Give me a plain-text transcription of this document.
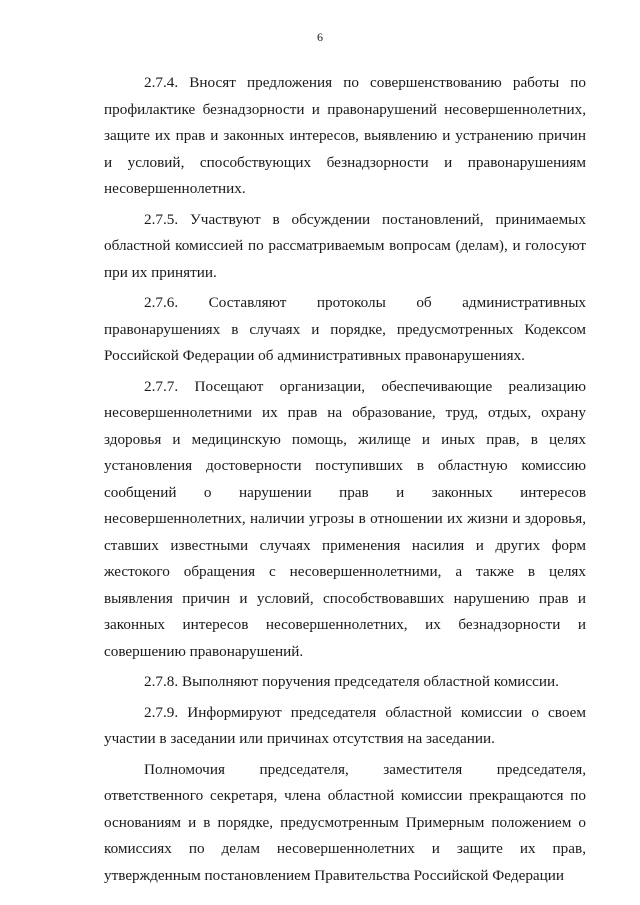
6

2.7.4. Вносят предложения по совершенствованию работы по профилактике безнадзорности и правонарушений несовершеннолетних, защите их прав и законных интересов, выявлению и устранению причин и условий, способствующих безнадзорности и правонарушениям несовершеннолетних.

2.7.5. Участвуют в обсуждении постановлений, принимаемых областной комиссией по рассматриваемым вопросам (делам), и голосуют при их принятии.

2.7.6. Составляют протоколы об административных правонарушениях в случаях и порядке, предусмотренных Кодексом Российской Федерации об административных правонарушениях.

2.7.7. Посещают организации, обеспечивающие реализацию несовершеннолетними их прав на образование, труд, отдых, охрану здоровья и медицинскую помощь, жилище и иных прав, в целях установления достоверности поступивших в областную комиссию сообщений о нарушении прав и законных интересов несовершеннолетних, наличии угрозы в отношении их жизни и здоровья, ставших известными случаях применения насилия и других форм жестокого обращения с несовершеннолетними, а также в целях выявления причин и условий, способствовавших нарушению прав и законных интересов несовершеннолетних, их безнадзорности и совершению правонарушений.

2.7.8. Выполняют поручения председателя областной комиссии.

2.7.9. Информируют председателя областной комиссии о своем участии в заседании или причинах отсутствия на заседании.

Полномочия председателя, заместителя председателя, ответственного секретаря, члена областной комиссии прекращаются по основаниям и в порядке, предусмотренным Примерным положением о комиссиях по делам несовершеннолетних и защите их прав, утвержденным постановлением Правительства Российской Федерации
